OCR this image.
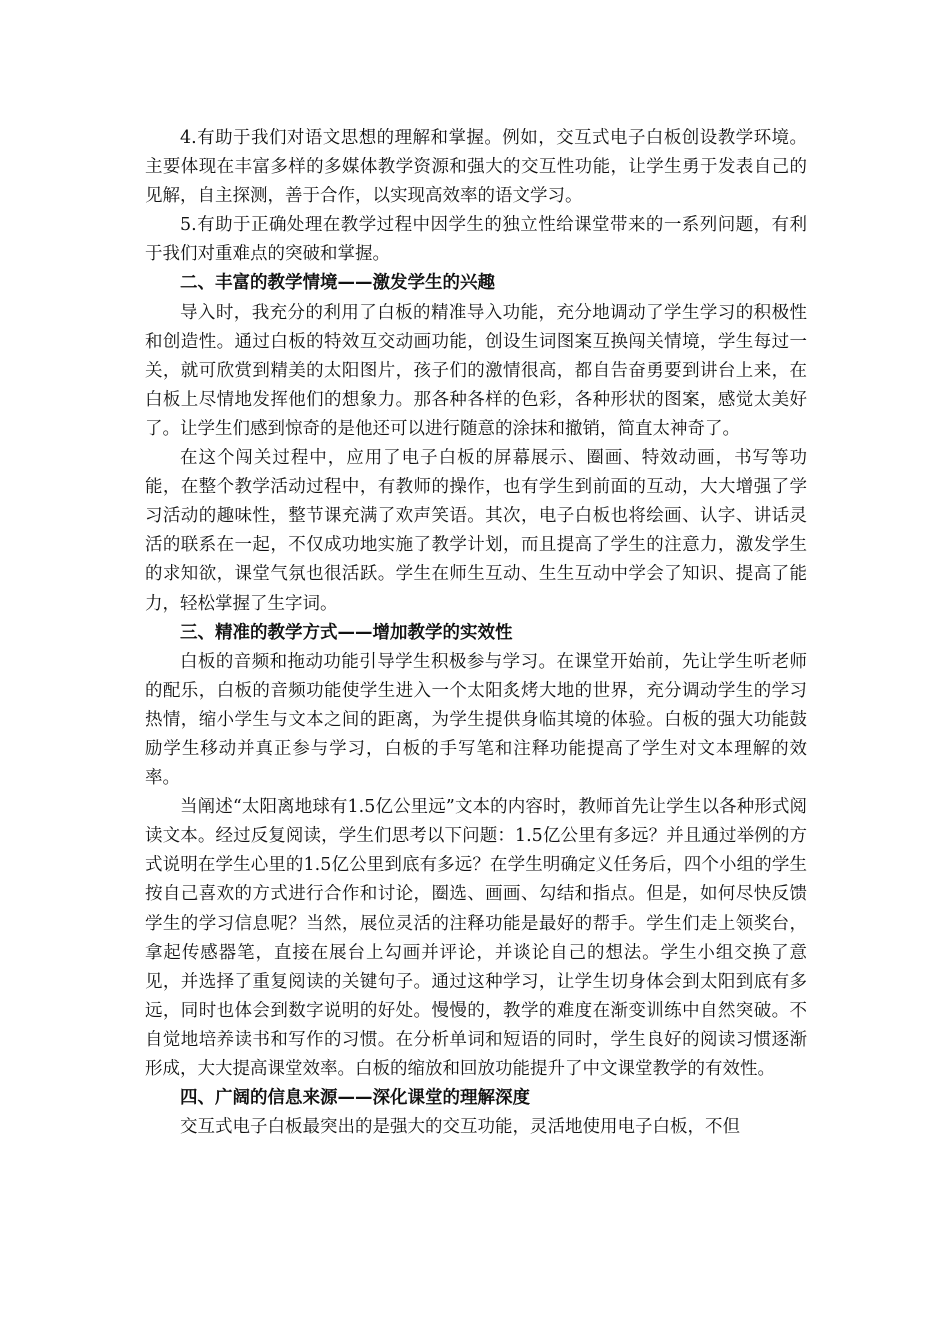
4.有助于我们对语文思想的理解和掌握。例如，交互式电子白板创设教学环境。主要体现在丰富多样的多媒体教学资源和强大的交互性功能，让学生勇于发表自己的见解，自主探测，善于合作，以实现高效率的语文学习。

5.有助于正确处理在教学过程中因学生的独立性给课堂带来的一系列问题，有利于我们对重难点的突破和掌握。

二、丰富的教学情境——激发学生的兴趣

导入时，我充分的利用了白板的精准导入功能，充分地调动了学生学习的积极性和创造性。通过白板的特效互交动画功能，创设生词图案互换闯关情境，学生每过一关，就可欣赏到精美的太阳图片，孩子们的激情很高，都自告奋勇要到讲台上来，在白板上尽情地发挥他们的想象力。那各种各样的色彩，各种形状的图案，感觉太美好了。让学生们感到惊奇的是他还可以进行随意的涂抹和撤销，简直太神奇了。

在这个闯关过程中，应用了电子白板的屏幕展示、圈画、特效动画，书写等功能，在整个教学活动过程中，有教师的操作，也有学生到前面的互动，大大增强了学习活动的趣味性，整节课充满了欢声笑语。其次，电子白板也将绘画、认字、讲话灵活的联系在一起，不仅成功地实施了教学计划，而且提高了学生的注意力，激发学生的求知欲，课堂气氛也很活跃。学生在师生互动、生生互动中学会了知识、提高了能力，轻松掌握了生字词。

三、精准的教学方式——增加教学的实效性

白板的音频和拖动功能引导学生积极参与学习。在课堂开始前，先让学生听老师的配乐，白板的音频功能使学生进入一个太阳炙烤大地的世界，充分调动学生的学习热情，缩小学生与文本之间的距离，为学生提供身临其境的体验。白板的强大功能鼓励学生移动并真正参与学习，白板的手写笔和注释功能提高了学生对文本理解的效率。

当阐述“太阳离地球有1.5亿公里远”文本的内容时，教师首先让学生以各种形式阅读文本。经过反复阅读，学生们思考以下问题：1.5亿公里有多远？并且通过举例的方式说明在学生心里的1.5亿公里到底有多远？在学生明确定义任务后，四个小组的学生按自己喜欢的方式进行合作和讨论，圈选、画画、勾结和指点。但是，如何尽快反馈学生的学习信息呢？当然，展位灵活的注释功能是最好的帮手。学生们走上领奖台，拿起传感器笔，直接在展台上勾画并评论，并谈论自己的想法。学生小组交换了意见，并选择了重复阅读的关键句子。通过这种学习，让学生切身体会到太阳到底有多远，同时也体会到数字说明的好处。慢慢的，教学的难度在渐变训练中自然突破。不自觉地培养读书和写作的习惯。在分析单词和短语的同时，学生良好的阅读习惯逐渐形成，大大提高课堂效率。白板的缩放和回放功能提升了中文课堂教学的有效性。

四、广阔的信息来源——深化课堂的理解深度

交互式电子白板最突出的是强大的交互功能，灵活地使用电子白板，不但
